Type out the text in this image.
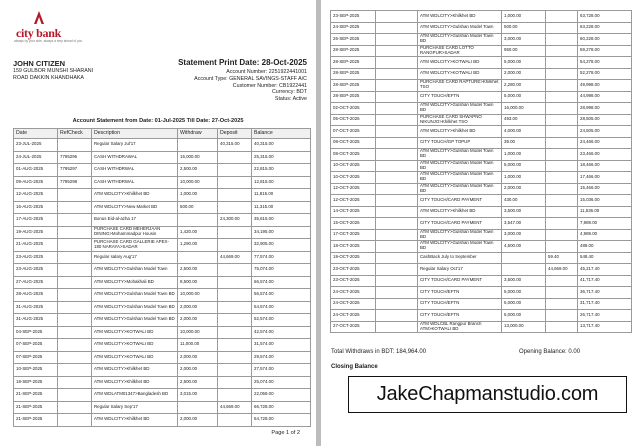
city bank
always by your side, always a step ahead of you
JOHN CITIZEN
159 GULBOR MUNSHI SHARANI
ROAD DAKKIN KHANDHAKA
Statement Print Date: 28-Oct-2025
Account Number: 2251922441001
Account Type: GENERAL SAVINGS-STAFF A/C
Customer Number: CB1922441
Currency: BDT
Status: Active
Account Statement from Date: 01-Jul-2025 Till Date: 27-Oct-2025
Date	RefCheck	Description	Withdraw	Deposit	Balance
23-JUL-2025		Regular Salary Jul'17		40,315.00	40,315.00
24-JUL-2025	7795296	CASH WITHDRAWAL	15,000.00		25,315.00
01-AUG-2025	7795297	CASH WITHDRWAL	2,500.00		22,815.00
09-AUG-2025	7795298	CASH WITHDRWAL	10,000.00		12,815.00
12-AUG-2025		ATM WDLCITY>Khilkhet BD	1,000.00		11,815.00
16-AUG-2025		ATM WDLCITY>New Market BD	500.00		11,315.00
17-AUG-2025		Bonus Eid-al-azha 17		24,300.00	35,615.00
19-AUG-2025		PURCHASE CARD MEHERJAAN DINING>Mohammadpur Housin	1,420.00		34,195.00
21-AUG-2025		PURCHASE CARD GALLERIE APEX-180 NARAYA>SADAR	1,290.00		32,905.00
23-AUG-2025		Regular salary Aug'17		44,669.00	77,574.00
23-AUG-2025		ATM WDLCITY>Gulshan Model Town	2,500.00		75,074.00
27-AUG-2025		ATM WDLCITY>Mohakhali BD	8,500.00		66,574.00
28-AUG-2025		ATM WDLCITY>Gulshan Model Town BD	10,000.00		56,574.00
31-AUG-2025		ATM WDLCITY>Gulshan Model Town BD	2,000.00		54,574.00
31-AUG-2025		ATM WDLCITY>Gulshan Model Town BD	2,000.00		52,574.00
04-SEP-2025		ATM WDLCITY>KOTWALI BD	10,000.00		42,574.00
07-SEP-2025		ATM WDLCITY>KOTWALI BD	11,000.00		31,574.00
07-SEP-2025		ATM WDLCITY>KOTWALI BD	2,000.00		29,574.00
10-SEP-2025		ATM WDLCITY>Khilkhet BD	2,000.00		27,574.00
18-SEP-2025		ATM WDLCITY>Khilkhet BD	2,500.00		25,074.00
21-SEP-2025		ATM WDLATM01347>Bangladesh BD	3,015.00		22,059.00
21-SEP-2025		Regular Salary Sep'17		44,669.00	66,728.00
21-SEP-2025		ATM WDLCITY>Khilkhet BD	2,000.00		64,728.00
Page 1 of 2
23-SEP-2025		ATM WDLCITY>Khilkhet BD	1,000.00		63,728.00
24-SEP-2025		ATM WDLCITY>Gulshan Model Town	500.00		63,228.00
26-SEP-2025		ATM WDLCITY>Gulshan Model Town BD	3,000.00		60,228.00
28-SEP-2025		PURCHASE CARD LOTTO RANGPUR>SADAR	950.00		59,278.00
28-SEP-2025		ATM WDLCITY>KOTWALI BD	5,000.00		54,278.00
28-SEP-2025		ATM WDLCITY>KOTWALI BD	2,000.00		52,278.00
28-SEP-2025		PURCHASE CARD RAPTURE>Khilkhet TSO	2,280.00		49,998.00
28-SEP-2025		CITY TOUCH/EFTN	5,000.00		44,998.00
02-OCT-2025		ATM WDLCITY>Gulshan Model Town BD	16,000.00		28,998.00
05-OCT-2025		PURCHASE CARD SHWAPNO NIKUNJO>Khilkhet TSO	493.00		28,505.00
07-OCT-2025		ATM WDLCITY>Khilkhet BD	4,000.00		24,505.00
08-OCT-2025		CITY TOUCH/GP TOPUP	39.00		24,466.00
08-OCT-2025		ATM WDLCITY>Gulshan Model Town BD	1,000.00		23,466.00
10-OCT-2025		ATM WDLCITY>Gulshan Model Town BD	5,000.00		18,466.00
10-OCT-2025		ATM WDLCITY>Gulshan Model Town BD	1,000.00		17,466.00
12-OCT-2025		ATM WDLCITY>Gulshan Model Town BD	2,000.00		15,466.00
12-OCT-2025		CITY TOUCH/CARD PAYMENT	430.00		15,036.00
14-OCT-2025		ATM WDLCITY>Khilkhet BD	3,500.00		11,536.00
15-OCT-2025		CITY TOUCH/CARD PAYMENT	3,547.00		7,989.00
17-OCT-2025		ATM WDLCITY>Gulshan Model Town BD	3,000.00		4,989.00
18-OCT-2025		ATM WDLCITY>Gulshan Model Town BD	4,500.00		489.00
19-OCT-2025		CashBack July to September		59.40	548.40
23-OCT-2025		Regular Salary Oct'17		44,669.00	45,217.40
23-OCT-2025		CITY TOUCH/CARD PAYMENT	3,500.00		41,717.40
24-OCT-2025		CITY TOUCH/EFTN	5,000.00		36,717.40
24-OCT-2025		CITY TOUCH/EFTN	5,000.00		31,717.40
24-OCT-2025		CITY TOUCH/EFTN	5,000.00		26,717.40
27-OCT-2025		ATM WDLCBL Rangpur Branch ATM>KOTWALI BD	13,000.00		13,717.40
Total Withdraws in BDT: 184,964.00	Opening Balance: 0.00
Closing Balance
JakeChapmanstudio.com
